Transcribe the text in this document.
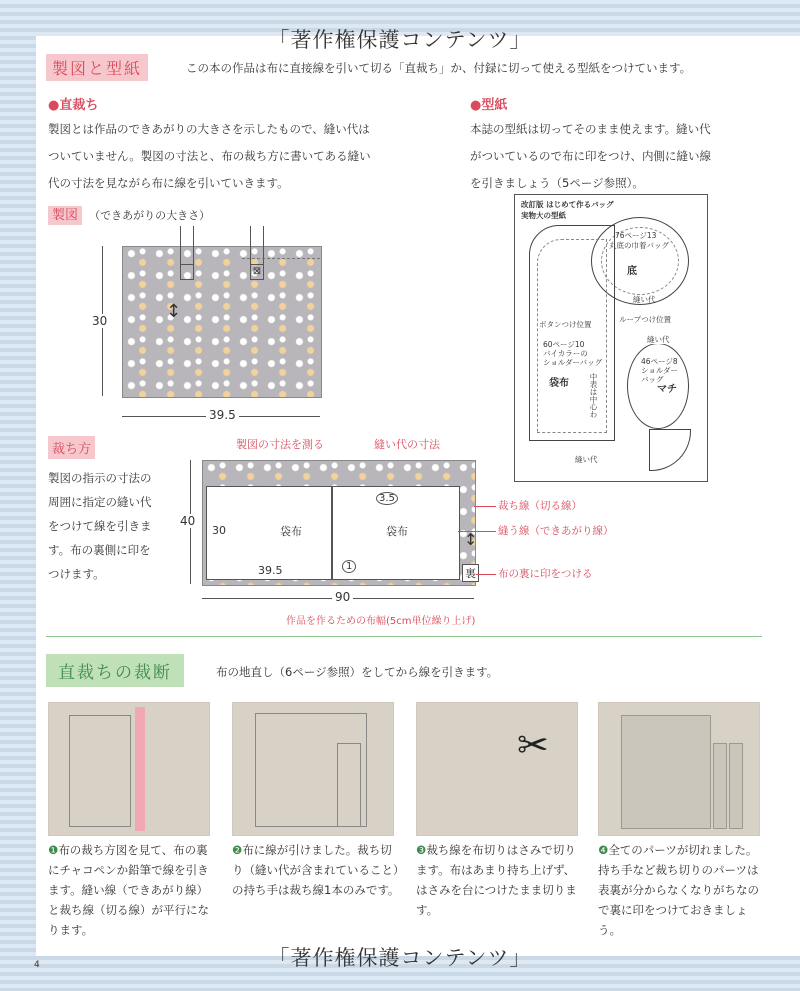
「著作権保護コンテンツ」
製図と型紙	この本の作品は布に直接線を引いて切る「直裁ち」か、付録に切って使える型紙をつけています。
●直裁ち
製図とは作品のできあがりの大きさを示したもので、縫い代は
ついていません。製図の寸法と、布の裁ち方に書いてある縫い
代の寸法を見ながら布に線を引いていきます。
●型紙
本誌の型紙は切ってそのまま使えます。縫い代
がついているので布に印をつけ、内側に縫い線
を引きましょう（5ページ参照）。
製図 （できあがりの大きさ）
⊠
↕
30
39.5
改訂版 はじめて作るバッグ
実物大の型紙
76ページ13
丸底の巾着バッグ
底
縫い代
ループつけ位置
ボタンつけ位置
60ページ10
バイカラーの
ショルダーバッグ
袋布	中表は中心わ
縫い代
縫い代
46ページ8
ショルダー
バッグ
マチ
裁ち方
製図の指示の寸法の
周囲に指定の縫い代
をつけて線を引きま
す。布の裏側に印を
つけます。
製図の寸法を測る	縫い代の寸法
袋布	袋布
30
39.5
3.5
1
裏
↕
40
90
作品を作るための布幅(5cm単位繰り上げ)
裁ち線（切る線）
縫う線（できあがり線）
布の裏に印をつける
直裁ちの裁断	布の地直し（6ページ参照）をしてから線を引きます。
✂
❶布の裁ち方図を見て、布の裏にチャコペンか鉛筆で線を引きます。縫い線（できあがり線）と裁ち線（切る線）が平行になります。
❷布に線が引けました。裁ち切り（縫い代が含まれていること）の持ち手は裁ち線1本のみです。
❸裁ち線を布切りはさみで切ります。布はあまり持ち上げず、はさみを台につけたまま切ります。
❹全てのパーツが切れました。持ち手など裁ち切りのパーツは表裏が分からなくなりがちなので裏に印をつけておきましょう。
「著作権保護コンテンツ」
4
